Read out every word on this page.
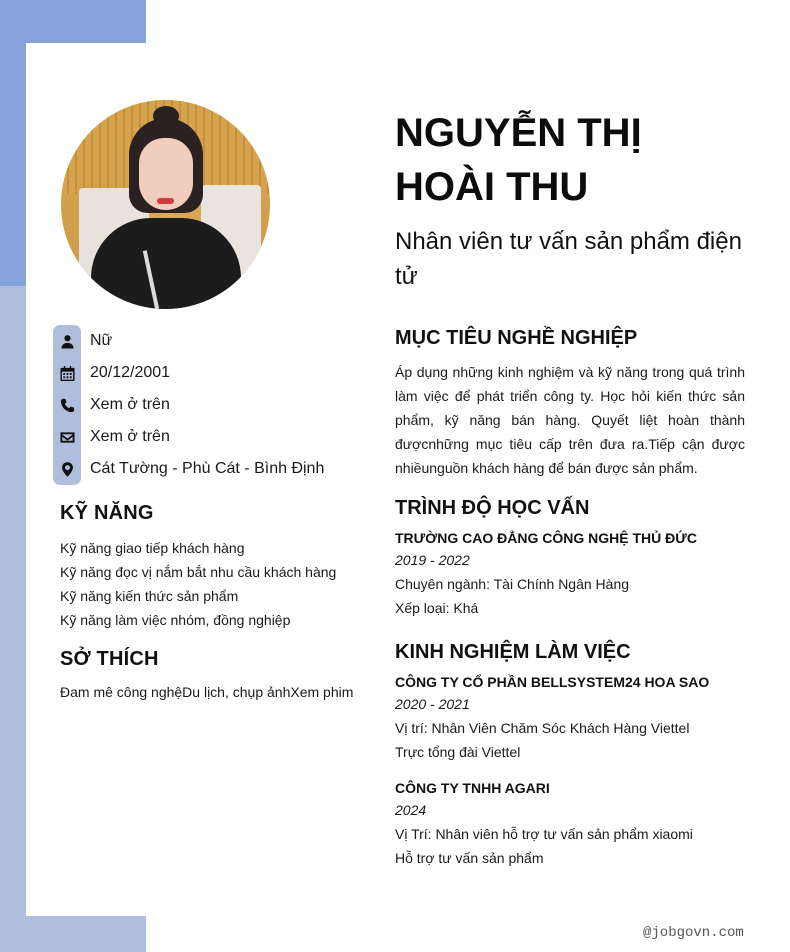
Nữ
20/12/2001
Xem ở trên
Xem ở trên
Cát Tường - Phù Cát - Bình Định
KỸ NĂNG
Kỹ năng giao tiếp khách hàng
Kỹ năng đọc vị nắm bắt nhu cầu khách hàng
Kỹ năng kiến thức sản phẩm
Kỹ năng làm việc nhóm, đồng nghiệp
SỞ THÍCH

Đam mê công nghệDu lịch, chụp ảnhXem phim

NGUYỄN THỊ
HOÀI THU
Nhân viên tư vấn sản phẩm điện tử
MỤC TIÊU NGHỀ NGHIỆP

Áp dụng những kinh nghiệm và kỹ năng trong quá trình làm việc để phát triển công ty. Học hỏi kiến thức sản phẩm, kỹ năng bán hàng. Quyết liệt hoàn thành đượcnhững mục tiêu cấp trên đưa ra.Tiếp cận được nhiềunguồn khách hàng để bán được sản phẩm.

TRÌNH ĐỘ HỌC VẤN
TRƯỜNG CAO ĐẲNG CÔNG NGHỆ THỦ ĐỨC
2019 - 2022
Chuyên ngành: Tài Chính Ngân Hàng
Xếp loại: Khá
KINH NGHIỆM LÀM VIỆC
CÔNG TY CỔ PHẦN BELLSYSTEM24 HOA SAO
2020 - 2021
Vị trí: Nhân Viên Chăm Sóc Khách Hàng Viettel
Trực tổng đài Viettel
CÔNG TY TNHH AGARI
2024
Vị Trí: Nhân viên hỗ trợ tư vấn sản phẩm xiaomi
Hỗ trợ tư vấn sản phẩm
@jobgovn.com
